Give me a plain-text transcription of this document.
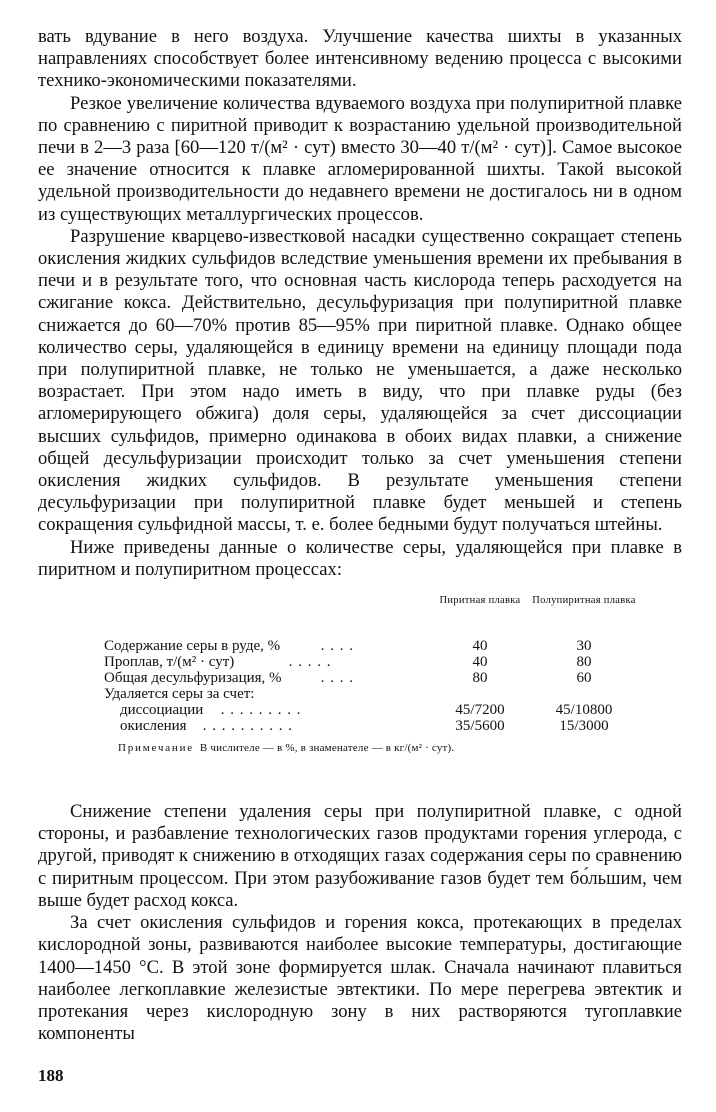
вать вдувание в него воздуха. Улучшение качества шихты в указанных направлениях способствует более интенсивному ведению процесса с высокими технико-экономическими показателями.

Резкое увеличение количества вдуваемого воздуха при полупиритной плавке по сравнению с пиритной приводит к возрастанию удельной производительной печи в 2—3 раза [60—120 т/(м² · сут) вместо 30—40 т/(м² · сут)]. Самое высокое ее значение относится к плавке агломерированной шихты. Такой высокой удельной производительности до недавнего времени не достигалось ни в одном из существующих металлургических процессов.

Разрушение кварцево-известковой насадки существенно сокращает степень окисления жидких сульфидов вследствие уменьшения времени их пребывания в печи и в результате того, что основная часть кислорода теперь расходуется на сжигание кокса. Действительно, десульфуризация при полупиритной плавке снижается до 60—70% против 85—95% при пиритной плавке. Однако общее количество серы, удаляющейся в единицу времени на единицу площади пода при полупиритной плавке, не только не уменьшается, а даже несколько возрастает. При этом надо иметь в виду, что при плавке руды (без агломерирующего обжига) доля серы, удаляющейся за счет диссоциации высших сульфидов, примерно одинакова в обоих видах плавки, а снижение общей десульфуризации происходит только за счет уменьшения степени окисления жидких сульфидов. В результате уменьшения степени десульфуризации при полупиритной плавке будет меньшей и степень сокращения сульфидной массы, т. е. более бедными будут получаться штейны.

Ниже приведены данные о количестве серы, удаляющейся при плавке в пиритном и полупиритном процессах:

Пиритная плавка	Полупиритная плавка
Содержание серы в руде, % . . . .	40	30
Проплав, т/(м² · сут)	. . . . .	40	80
Общая десульфуризация, % . . . .	80	60
Удаляется серы за счет:
диссоциации . . . . . . . . .	45/7200	45/10800
окисления . . . . . . . . . .	35/5600	15/3000
Примечание  В числителе — в %, в знаменателе — в кг/(м² · сут).

Снижение степени удаления серы при полупиритной плавке, с одной стороны, и разбавление технологических газов продуктами горения углерода, с другой, приводят к снижению в отходящих газах содержания серы по сравнению с пиритным процессом. При этом разубоживание газов будет тем бо́льшим, чем выше будет расход кокса.

За счет окисления сульфидов и горения кокса, протекающих в пределах кислородной зоны, развиваются наиболее высокие температуры, достигающие 1400—1450 °С. В этой зоне формируется шлак. Сначала начинают плавиться наиболее легкоплавкие железистые эвтектики. По мере перегрева эвтектик и протекания через кислородную зону в них растворяются тугоплавкие компоненты

188
